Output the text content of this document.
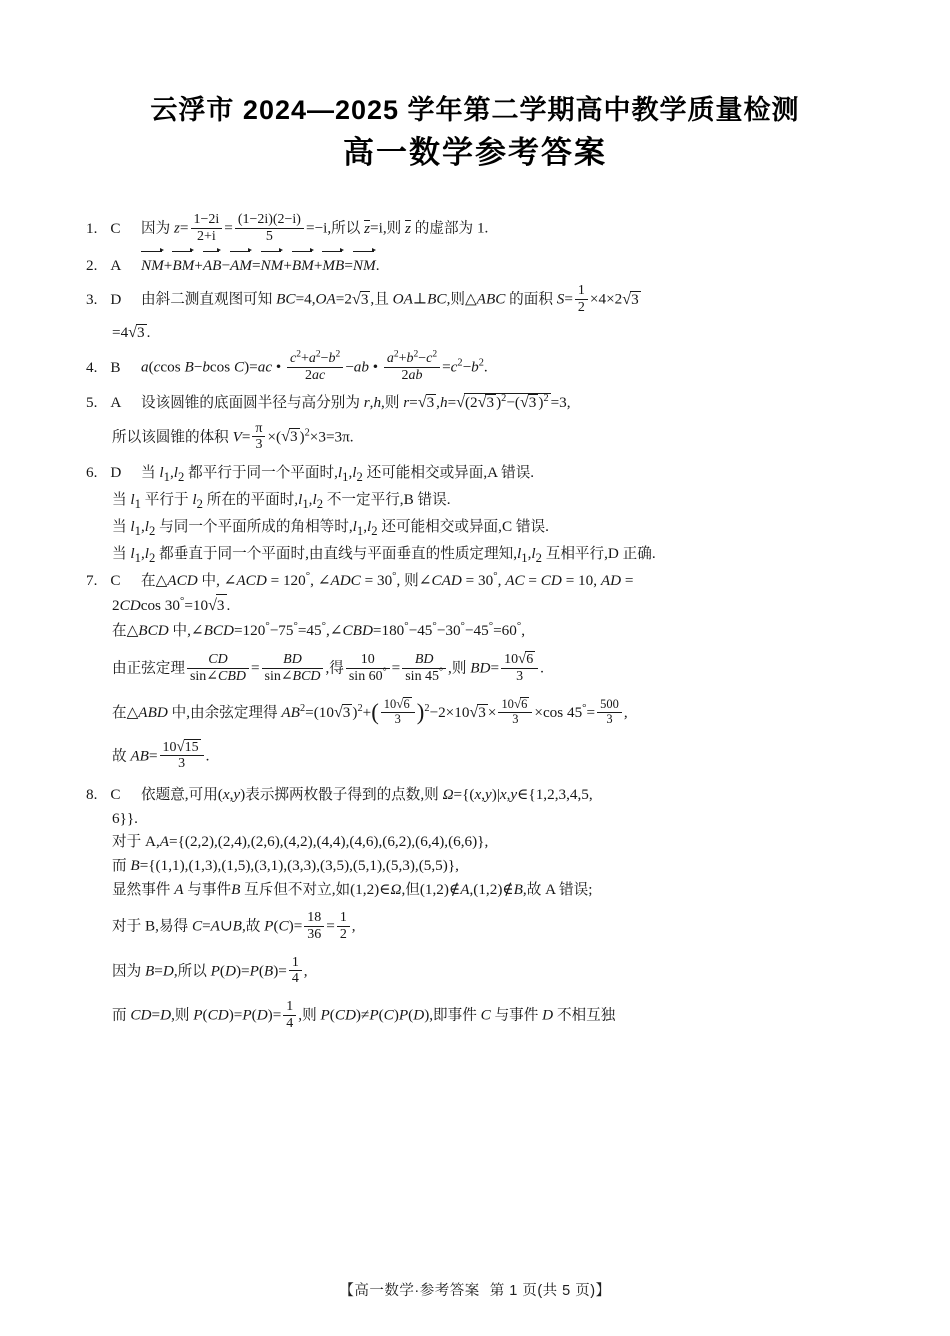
云浮市 2024—2025 学年第二学期高中教学质量检测
高一数学参考答案
1. C 因为 $z= \frac{1-2i}{2+i} = \frac{(1-2i)(2-i)}{5} =-i$,所以 z=i,则 z 的虚部为 1.
2. A NM+BM+AB−AM=NM+BM+MB=NM.
3. D 由斜二测直观图可知 BC=4,OA=2√3 ,且 OA⊥BC,则△ABC 的面积 $S= \frac{1}{2} \times 4\times 2√3$
=4√3 .
4. B a(ccos B−bcos C)=ac • $\frac{c^2+a^2-b^2}{2ac} -ab$ • $\frac{a^2+b^2-c^2}{2ab} =c^2-b^2$.
5. A 设该圆锥的底面圆半径与高分别为 r,h,则 r=√3 ,h=√(2√3 )$^2$−(√3 )$^2$ =3,
所以该圆锥的体积 $V= \frac{\pi}{3} \times(√3$ )$^2$×3=3π.
6. D 当 $l_1,l_2$ 都平行于同一个平面时$,l_1,l_2$ 还可能相交或异面,A 错误.
当 $l_1$ 平行于 $l_2$ 所在的平面时$,l_1,l_2$ 不一定平行,B 错误.
当 $l_1,l_2$ 与同一个平面所成的角相等时$,l_1,l_2$ 还可能相交或异面,C 错误.
当 $l_1,l_2$ 都垂直于同一个平面时,由直线与平面垂直的性质定理知$,l_1,l_2$ 互相平行,D 正确.
7. C 在△ACD 中, ∠ACD = 120°, ∠ADC = 30°, 则∠CAD = 30°, AC = CD = 10, AD =
2CDcos 30°=10√3 .
在△BCD 中,∠BCD=120°−75°=45°,∠CBD=180°−45°−30°−45°=60°,
由正弦定理 $\frac{CD}{\text{sin∠CBD}} = \frac{BD}{\text{sin∠BCD}}$ ,得 $\frac{10}{\sin 60^\circ} = \frac{BD}{\sin 45^\circ}$ ,则 $BD= \frac{10√6}{3}$ .
在△ABD 中,由余弦定理得 $AB^2=(10√3$ )$^2+( \frac{10√6}{3} )^2-2\times 10√3 \times \frac{10√6}{3} \times\cos$ $45^\circ= \frac{500}{3}$ ,
故 $AB= \frac{10√15}{3}$ .
8. C 依题意,可用(x,y)表示掷两枚骰子得到的点数,则 Ω={(x,y)|x,y∈{1,2,3,4,5,
6}}.
对于 A,A={(2,2),(2,4),(2,6),(4,2),(4,4),(4,6),(6,2),(6,4),(6,6)},
而 B={(1,1),(1,3),(1,5),(3,1),(3,3),(3,5),(5,1),(5,3),(5,5)},
显然事件 A 与事件B 互斥但不对立,如(1,2)∈Ω,但(1,2)∉A,(1,2)∉B,故 A 错误;
对于 B,易得 C=A∪B,故 $P(C)= \frac{18}{36} = \frac{1}{2}$ ,
因为 B=D,所以 $P(D)=P(B)= \frac{1}{4}$ ,
而 CD=D,则 $P(CD)=P(D)= \frac{1}{4}$ ,则 P(CD)≠P(C)P(D),即事件 C 与事件 D 不相互独
【高一数学·参考答案 第 1 页(共 5 页)】
